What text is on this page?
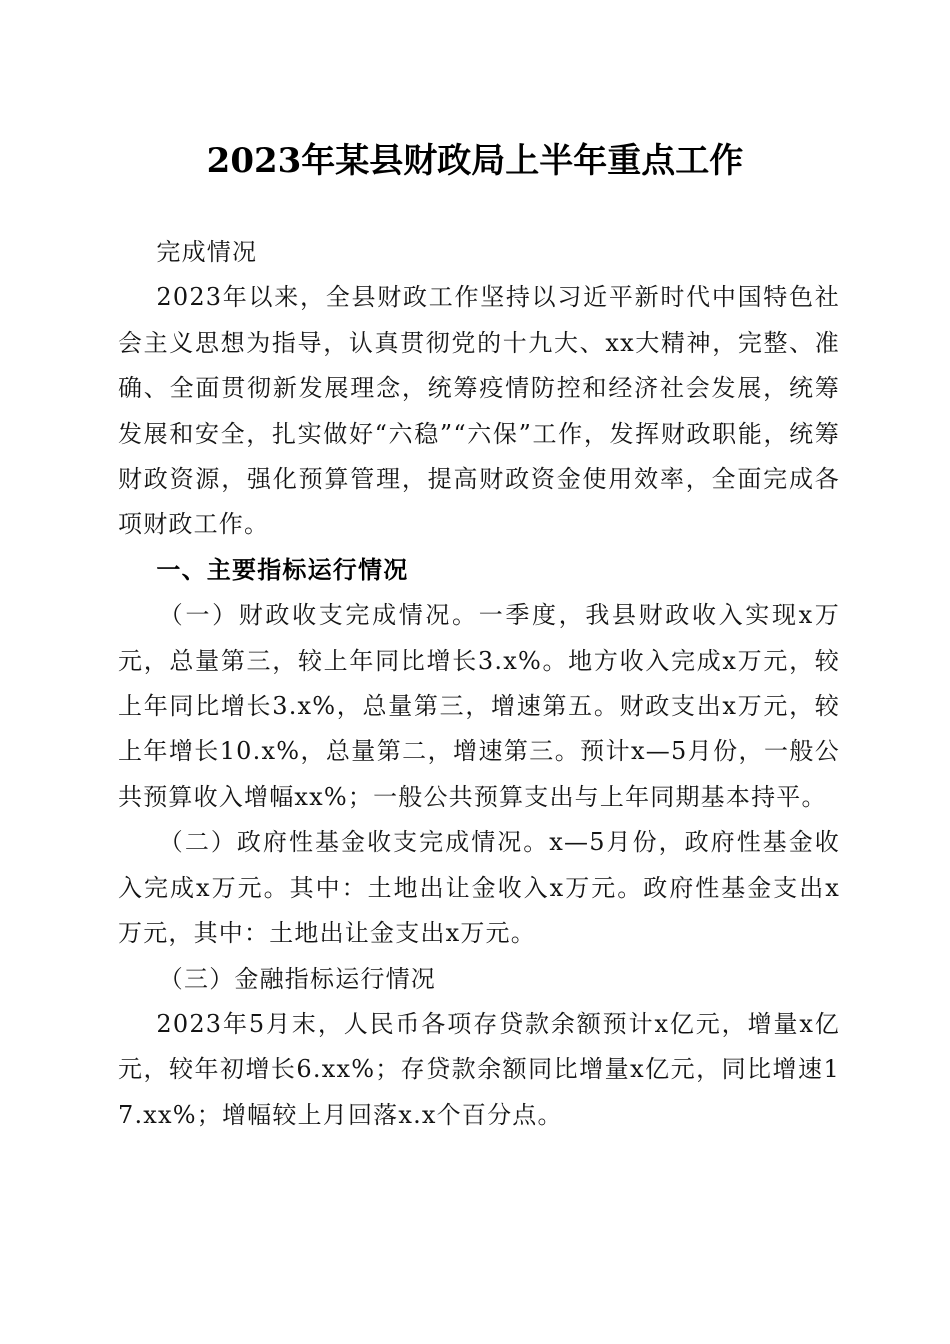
2023年某县财政局上半年重点工作

完成情况

2023年以来，全县财政工作坚持以习近平新时代中国特色社会主义思想为指导，认真贯彻党的十九大、xx大精神，完整、准确、全面贯彻新发展理念，统筹疫情防控和经济社会发展，统筹发展和安全，扎实做好“六稳”“六保”工作，发挥财政职能，统筹财政资源，强化预算管理，提高财政资金使用效率，全面完成各项财政工作。

一、主要指标运行情况

（一）财政收支完成情况。一季度，我县财政收入实现x万元，总量第三，较上年同比增长3.x%。地方收入完成x万元，较上年同比增长3.x%，总量第三，增速第五。财政支出x万元，较上年增长10.x%，总量第二，增速第三。预计x—5月份，一般公共预算收入增幅xx%；一般公共预算支出与上年同期基本持平。

（二）政府性基金收支完成情况。x—5月份，政府性基金收入完成x万元。其中：土地出让金收入x万元。政府性基金支出x万元，其中：土地出让金支出x万元。

（三）金融指标运行情况

2023年5月末，人民币各项存贷款余额预计x亿元，增量x亿元，较年初增长6.xx%；存贷款余额同比增量x亿元，同比增速17.xx%；增幅较上月回落x.x个百分点。
